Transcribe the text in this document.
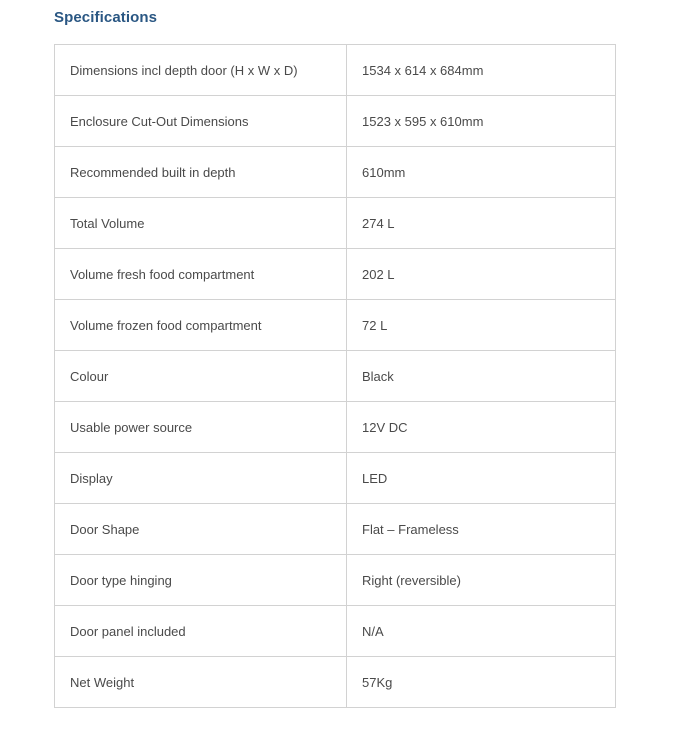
Specifications
Dimensions incl depth door (H x W x D)	1534 x 614 x 684mm
Enclosure Cut-Out Dimensions	1523 x 595 x 610mm
Recommended built in depth	610mm
Total Volume	274 L
Volume fresh food compartment	202 L
Volume frozen food compartment	72 L
Colour	Black
Usable power source	12V DC
Display	LED
Door Shape	Flat – Frameless
Door type hinging	Right (reversible)
Door panel included	N/A
Net Weight	57Kg
